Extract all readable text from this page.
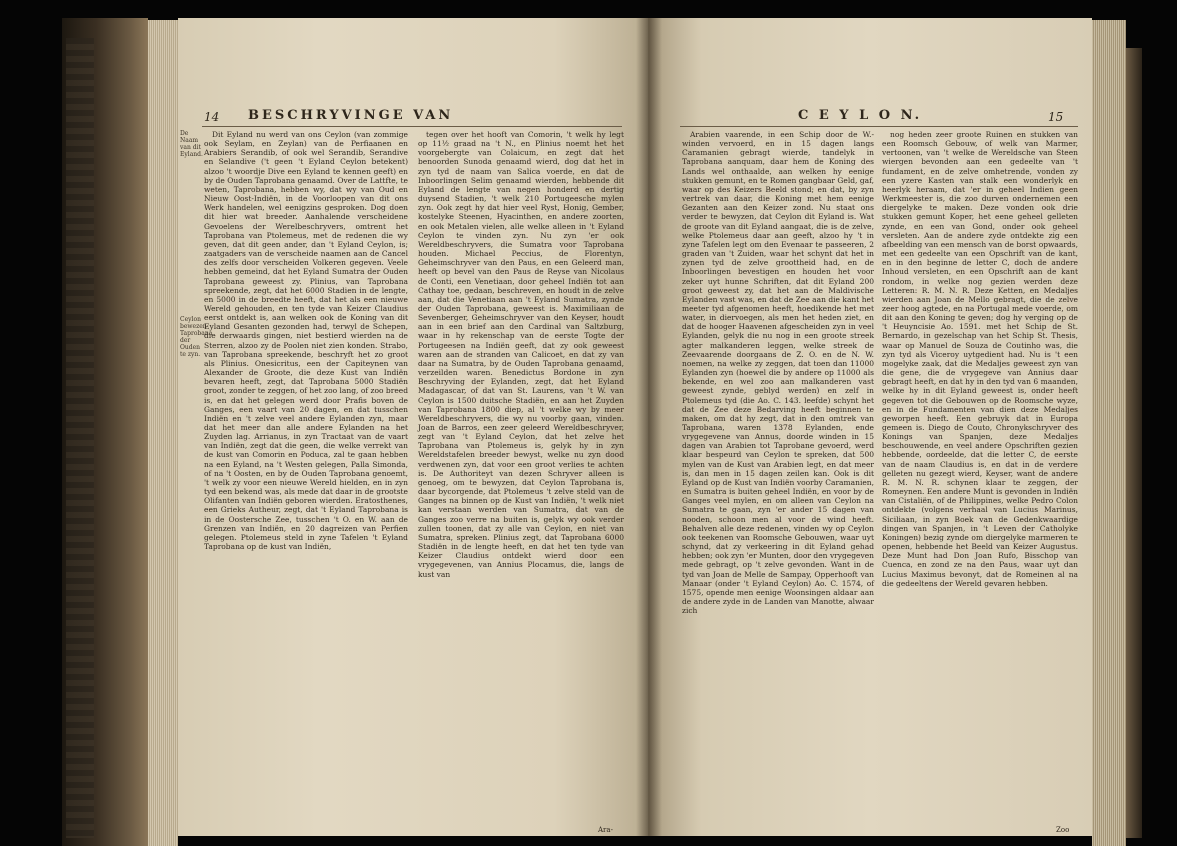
14 BESCHRYVINGE VAN
De Naam van dit Eyland.
Ceylon bewezen Taprobana der Ouden te zyn.

Dit Eyland nu werd van ons Ceylon (van zommige ook Seylam, en Zeylan) van de Perfiaanen en Arabiers Serandib, of ook wel Serandib, Serandive en Selandive ('t geen 't Eyland Ceylon betekent) alzoo 't woordje Dive een Eyland te kennen geeft) en by de Ouden Taprobana genaamd. Over de Lattfte, te weten, Taprobana, hebben wy, dat wy van Oud en Nieuw Oost-Indiën, in de Voorloopen van dit ons Werk handelen, wel eenigzins gesproken. Dog doen dit hier wat breeder. Aanhalende verscheidene Gevoelens der Werelbeschryvers, omtrent het Taprobana van Ptolemeus, met de redenen die wy geven, dat dit geen ander, dan 't Eyland Ceylon, is; zaatgaders van de verscheide naamen aan de Cancel des zelfs door verscheiden Volkeren gegeven. Veele hebben gemeind, dat het Eyland Sumatra der Ouden Taprobana geweest zy. Plinius, van Taprobana spreekende, zegt, dat het 6000 Stadien in de lengte, en 5000 in de breedte heeft, dat het als een nieuwe Wereld gehouden, en ten tyde van Keizer Claudius eerst ontdekt is, aan welken ook de Koning van dit Eyland Gesanten gezonden had, terwyl de Schepen, die derwaards gingen, niet bestierd wierden na de Sterren, alzoo zy de Poolen niet zien konden. Strabo, van Taprobana spreekende, beschryft het zo groot als Plinius. Onesicritus, een der Capiteynen van Alexander de Groote, die deze Kust van Indiën bevaren heeft, zegt, dat Taprobana 5000 Stadiën groot, zonder te zeggen, of het zoo lang, of zoo breed is, en dat het gelegen werd door Prafis boven de Ganges, een vaart van 20 dagen, en dat tusschen Indiën en 't zelve veel andere Eylanden zyn, maar dat het meer dan alle andere Eylanden na het Zuyden lag. Arrianus, in zyn Tractaat van de vaart van Indiën, zegt dat die geen, die welke verrekt van de kust van Comorin en Poduca, zal te gaan hebben na een Eyland, na 't Westen gelegen, Palla Simonda, of na 't Oosten, en by de Ouden Taprobana genoemt, 't welk zy voor een nieuwe Wereld hielden, en in zyn tyd een bekend was, als mede dat daar in de grootste Olifanten van Indiën geboren wierden. Eratosthenes, een Grieks Autheur, zegt, dat 't Eyland Taprobana is in de Oostersche Zee, tusschen 't O. en W. aan de Grenzen van Indiën, en 20 dagreizen van Perfien gelegen. Ptolemeus steld in zyne Tafelen 't Eyland Taprobana op de kust van Indiën,

tegen over het hooft van Comorin, 't welk hy legt op 11½ graad na 't N., en Plinius noemt het het voorgebergte van Colaicum, en zegt dat het benoorden Sunoda genaamd wierd, dog dat het in zyn tyd de naam van Salica voerde, en dat de Inboorlingen Selim genaamd wierden, hebbende dit Eyland de lengte van negen honderd en dertig duysend Stadien, 't welk 210 Portugeesche mylen zyn. Ook zegt hy dat hier veel Ryst, Honig, Gember, kostelyke Steenen, Hyacinthen, en andere zoorten, en ook Metalen vielen, alle welke alleen in 't Eyland Ceylon te vinden zyn. Nu zyn 'er ook Wereldbeschryvers, die Sumatra voor Taprobana houden. Michael Peccius, de Florentyn, Geheimschryver van den Paus, en een Geleerd man, heeft op bevel van den Paus de Reyse van Nicolaus de Conti, een Venetiaan, door geheel Indiën tot aan Cathay toe, gedaan, beschreven, en houdt in de zelve aan, dat die Venetiaan aan 't Eyland Sumatra, zynde der Ouden Taprobana, geweest is. Maximiliaan de Sevenberger, Geheimschryver van den Keyser, houdt aan in een brief aan den Cardinal van Saltzburg, waar in hy rekenschap van de eerste Togte der Portugeesen na Indiën geeft, dat zy ook geweest waren aan de stranden van Calicoet, en dat zy van daar na Sumatra, by de Ouden Taprobana genaamd, verzeilden waren. Benedictus Bordone in zyn Beschryving der Eylanden, zegt, dat het Eyland Madagascar, of dat van St. Laurens, van 't W. van Ceylon is 1500 duitsche Stadiën, en aan het Zuyden van Taprobana 1800 diep, al 't welke wy by meer Wereldbeschryvers, die wy nu voorby gaan, vinden. Joan de Barros, een zeer geleerd Wereldbeschryver, zegt van 't Eyland Ceylon, dat het zelve het Taprobana van Ptolemeus is, gelyk hy in zyn Wereldstafelen breeder bewyst, welke nu zyn dood verdwenen zyn, dat voor een groot verlies te achten is. De Authoriteyt van dezen Schryver alleen is genoeg, om te bewyzen, dat Ceylon Taprobana is, daar bycorgende, dat Ptolemeus 't zelve steld van de Ganges na binnen op de Kust van Indiën, 't welk niet kan verstaan werden van Sumatra, dat van de Ganges zoo verre na buiten is, gelyk wy ook verder zullen toonen, dat zy alle van Ceylon, en niet van Sumatra, spreken. Plinius zegt, dat Taprobana 6000 Stadiën in de lengte heeft, en dat het ten tyde van Keizer Claudius ontdekt wierd door een vrygegevenen, van Annius Plocamus, die, langs de kust van

Ara-
C E Y L O N.	15

Arabien vaarende, in een Schip door de W.-winden vervoerd, en in 15 dagen langs Caramanien gebragt wierde, tandelyk in Taprobana aanquam, daar hem de Koning des Lands wel onthaalde, aan welken hy eenige stukken gemunt, en te Romen gangbaar Geld, gaf, waar op des Keizers Beeld stond; en dat, by zyn vertrek van daar, die Koning met hem eenige Gezanten aan den Keizer zond. Nu staat ons verder te bewyzen, dat Ceylon dit Eyland is. Wat de groote van dit Eyland aangaat, die is de zelve, welke Ptolemeus daar aan geeft, alzoo hy 't in zyne Tafelen legt om den Evenaar te passeeren, 2 graden van 't Zuiden, waar het schynt dat het in zynen tyd de zelve groottheid had, en de Inboorlingen bevestigen en houden het voor zeker uyt hunne Schriften, dat dit Eyland 200 groot geweest zy, dat het aan de Maldivische Eylanden vast was, en dat de Zee aan die kant het meeter tyd afgenomen heeft, hoedikende het met water, in diervoegen, als men het heden ziet, en dat de hooger Haavenen afgescheiden zyn in veel Eylanden, gelyk die nu nog in een groote streek agter malkanderen leggen, welke streek de Zeevaarende doorgaans de Z. O. en de N. W. noemen, na welke zy zeggen, dat toen dan 11000 Eylanden zyn (hoewel die by andere op 11000 als bekende, en wel zoo aan malkanderen vast geweest zynde, geblyd werden) en zelf in Ptolemeus tyd (die Ao. C. 143. leefde) schynt het dat de Zee deze Bedarving heeft beginnen te maken, om dat hy zegt, dat in den omtrek van Taprobana, waren 1378 Eylanden, ende vrygegevene van Annus, doorde winden in 15 dagen van Arabien tot Taprobane gevoerd, werd klaar bespeurd van Ceylon te spreken, dat 500 mylen van de Kust van Arabien legt, en dat meer is, dan men in 15 dagen zeilen kan. Ook is dit Eyland op de Kust van Indiën voorby Caramanien, en Sumatra is buiten geheel Indiën, en voor by de Ganges veel mylen, en om alleen van Ceylon na Sumatra te gaan, zyn 'er ander 15 dagen van nooden, schoon men al voor de wind heeft. Behalven alle deze redenen, vinden wy op Ceylon ook teekenen van Roomsche Gebouwen, waar uyt schynd, dat zy verkeering in dit Eyland gehad hebben; ook zyn 'er Munten, door den vrygegeven mede gebragt, op 't zelve gevonden. Want in de tyd van Joan de Melle de Sampay, Opperhooft van Manaar (onder 't Eyland Ceylon) Ao. C. 1574, of 1575, opende men eenige Woonsingen aldaar aan de andere zyde in de Landen van Manotte, alwaar zich

nog heden zeer groote Ruinen en stukken van een Roomsch Gebouw, of welk van Marmer, vertoonen, van 't welke de Wereldsche van Steen wiergen bevonden aan een gedeelte van 't fundament, en de zelve omhetrende, vonden zy een yzere Kasten van stalk een wonderlyk en heerlyk heraam, dat 'er in geheel Indien geen Werkmeester is, die zoo durven ondernemen een diergelyke te maken. Deze vonden ook drie stukken gemunt Koper, het eene geheel gelleten zynde, en een van Gond, onder ook geheel versleten. Aan de andere zyde ontdekte zig een afbeelding van een mensch van de borst opwaards, met een gedeelte van een Opschrift van de kant, en in den beginne de letter C, doch de andere Inhoud versleten, en een Opschrift aan de kant rondom, in welke nog gezien werden deze Letteren: R. M. N. R. Deze Ketten, en Medaljes wierden aan Joan de Mello gebragt, die de zelve zeer hoog agtede, en na Portugal mede voerde, om dit aan den Koning te geven; dog hy verging op de 't Heuyncisie Ao. 1591. met het Schip de St. Bernardo, in gezelschap van het Schip St. Thesis, waar op Manuel de Souza de Coutinho was, die zyn tyd als Viceroy uytgedient had. Nu is 't een mogelyke zaak, dat die Medaljes geweest zyn van die gene, die de vrygegeve van Annius daar gebragt heeft, en dat hy in den tyd van 6 maanden, welke hy in dit Eyland geweest is, onder heeft gegeven tot die Gebouwen op de Roomsche wyze, en in de Fundamenten van dien deze Medaljes geworpen heeft. Een gebruyk dat in Europa gemeen is. Diego de Couto, Chronykschryver des Konings van Spanjen, deze Medaljes beschouwende, en veel andere Opschriften gezien hebbende, oordeelde, dat die letter C, de eerste van de naam Claudius is, en dat in de verdere gelleten nu gezegt wierd, Keyser, want de andere R. M. N. R. schynen klaar te zeggen, der Romeynen. Een andere Munt is gevonden in Indiën van Cistaliën, of de Philippines, welke Pedro Colon ontdekte (volgens verhaal van Lucius Marinus, Siciliaan, in zyn Boek van de Gedenkwaardige dingen van Spanjen, in 't Leven der Catholyke Koningen) bezig zynde om diergelyke marmeren te openen, hebbende het Beeld van Keizer Augustus. Deze Munt had Don Joan Rufo, Bisschop van Cuenca, en zond ze na den Paus, waar uyt dan Lucius Maximus bevonyt, dat de Romeinen al na die gedeeltens der Wereld gevaren hebben.

Zoo
